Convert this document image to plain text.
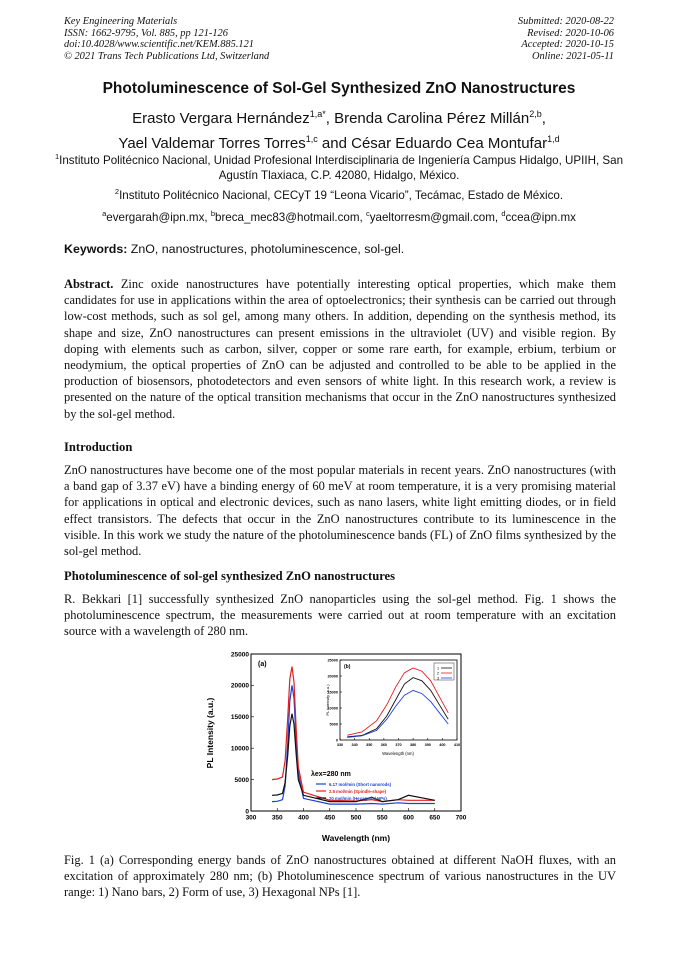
Key Engineering Materials
ISSN: 1662-9795, Vol. 885, pp 121-126
doi:10.4028/www.scientific.net/KEM.885.121
© 2021 Trans Tech Publications Ltd, Switzerland
Submitted: 2020-08-22
Revised: 2020-10-06
Accepted: 2020-10-15
Online: 2021-05-11
Photoluminescence of Sol-Gel Synthesized ZnO Nanostructures
Erasto Vergara Hernández$^{1,a*}$, Brenda Carolina Pérez Millán$^{2,b}$,
Yael Valdemar Torres Torres$^{1,c}$ and César Eduardo Cea Montufar$^{1,d}$
$^1$Instituto Politécnico Nacional, Unidad Profesional Interdisciplinaria de Ingeniería Campus Hidalgo, UPIIH, San Agustín Tlaxiaca, C.P. 42080, Hidalgo, México.
$^2$Instituto Politécnico Nacional, CECyT 19 “Leona Vicario”, Tecámac, Estado de México.
$^a$evergarah@ipn.mx, $^b$breca_mec83@hotmail.com, $^c$yaeltorresm@gmail.com, $^d$ccea@ipn.mx
Keywords: ZnO, nanostructures, photoluminescence, sol-gel.
Abstract. Zinc oxide nanostructures have potentially interesting optical properties, which make them candidates for use in applications within the area of optoelectronics; their synthesis can be carried out through low-cost methods, such as sol gel, among many others. In addition, depending on the synthesis method, its shape and size, ZnO nanostructures can present emissions in the ultraviolet (UV) and visible region. By doping with elements such as carbon, silver, copper or some rare earth, for example, erbium, terbium or neodymium, the optical properties of ZnO can be adjusted and controlled to be able to be applied in the production of biosensors, photodetectors and even sensors of white light. In this research work, a review is presented on the nature of the optical transition mechanisms that occur in the ZnO nanostructures synthesized by the sol-gel method.
Introduction
ZnO nanostructures have become one of the most popular materials in recent years. ZnO nanostructures (with a band gap of 3.37 eV) have a binding energy of 60 meV at room temperature, it is a very promising material for applications in optical and electronic devices, such as nano lasers, white light emitting diodes, or in field effect transistors. The defects that occur in the ZnO nanostructures contribute to its luminescence in the visible. In this work we study the nature of the photoluminescence bands (FL) of ZnO films synthesized by the sol-gel method.
Photoluminescence of sol-gel synthesized ZnO nanostructures
R. Bekkari [1] successfully synthesized ZnO nanoparticles using the sol-gel method. Fig. 1 shows the photoluminescence spectrum, the measurements were carried out at room temperature with an excitation source with a wavelength of 280 nm.
300 350 400 450 500 550 600 650 700
0
5000
10000
15000
20000
25000
(a)
PL Intensity (a.u.)
Wavelength (nm)
λex=280 nm
6.17 mol/min (Short nanorods)
2.5 mol/min (Spindle-shape)
20 mol/min (Hexagonal NPs)
330 340 350 360 370 380 390 400 410
0
5000
10000
15000
20000
25000
(b)
PL Intensity (a.u.)
Wavelength (nm)
1
2
3
Fig. 1 (a) Corresponding energy bands of ZnO nanostructures obtained at different NaOH fluxes, with an excitation of approximately 280 nm; (b) Photoluminescence spectrum of various nanostructures in the UV range: 1) Nano bars, 2) Form of use, 3) Hexagonal NPs [1].
